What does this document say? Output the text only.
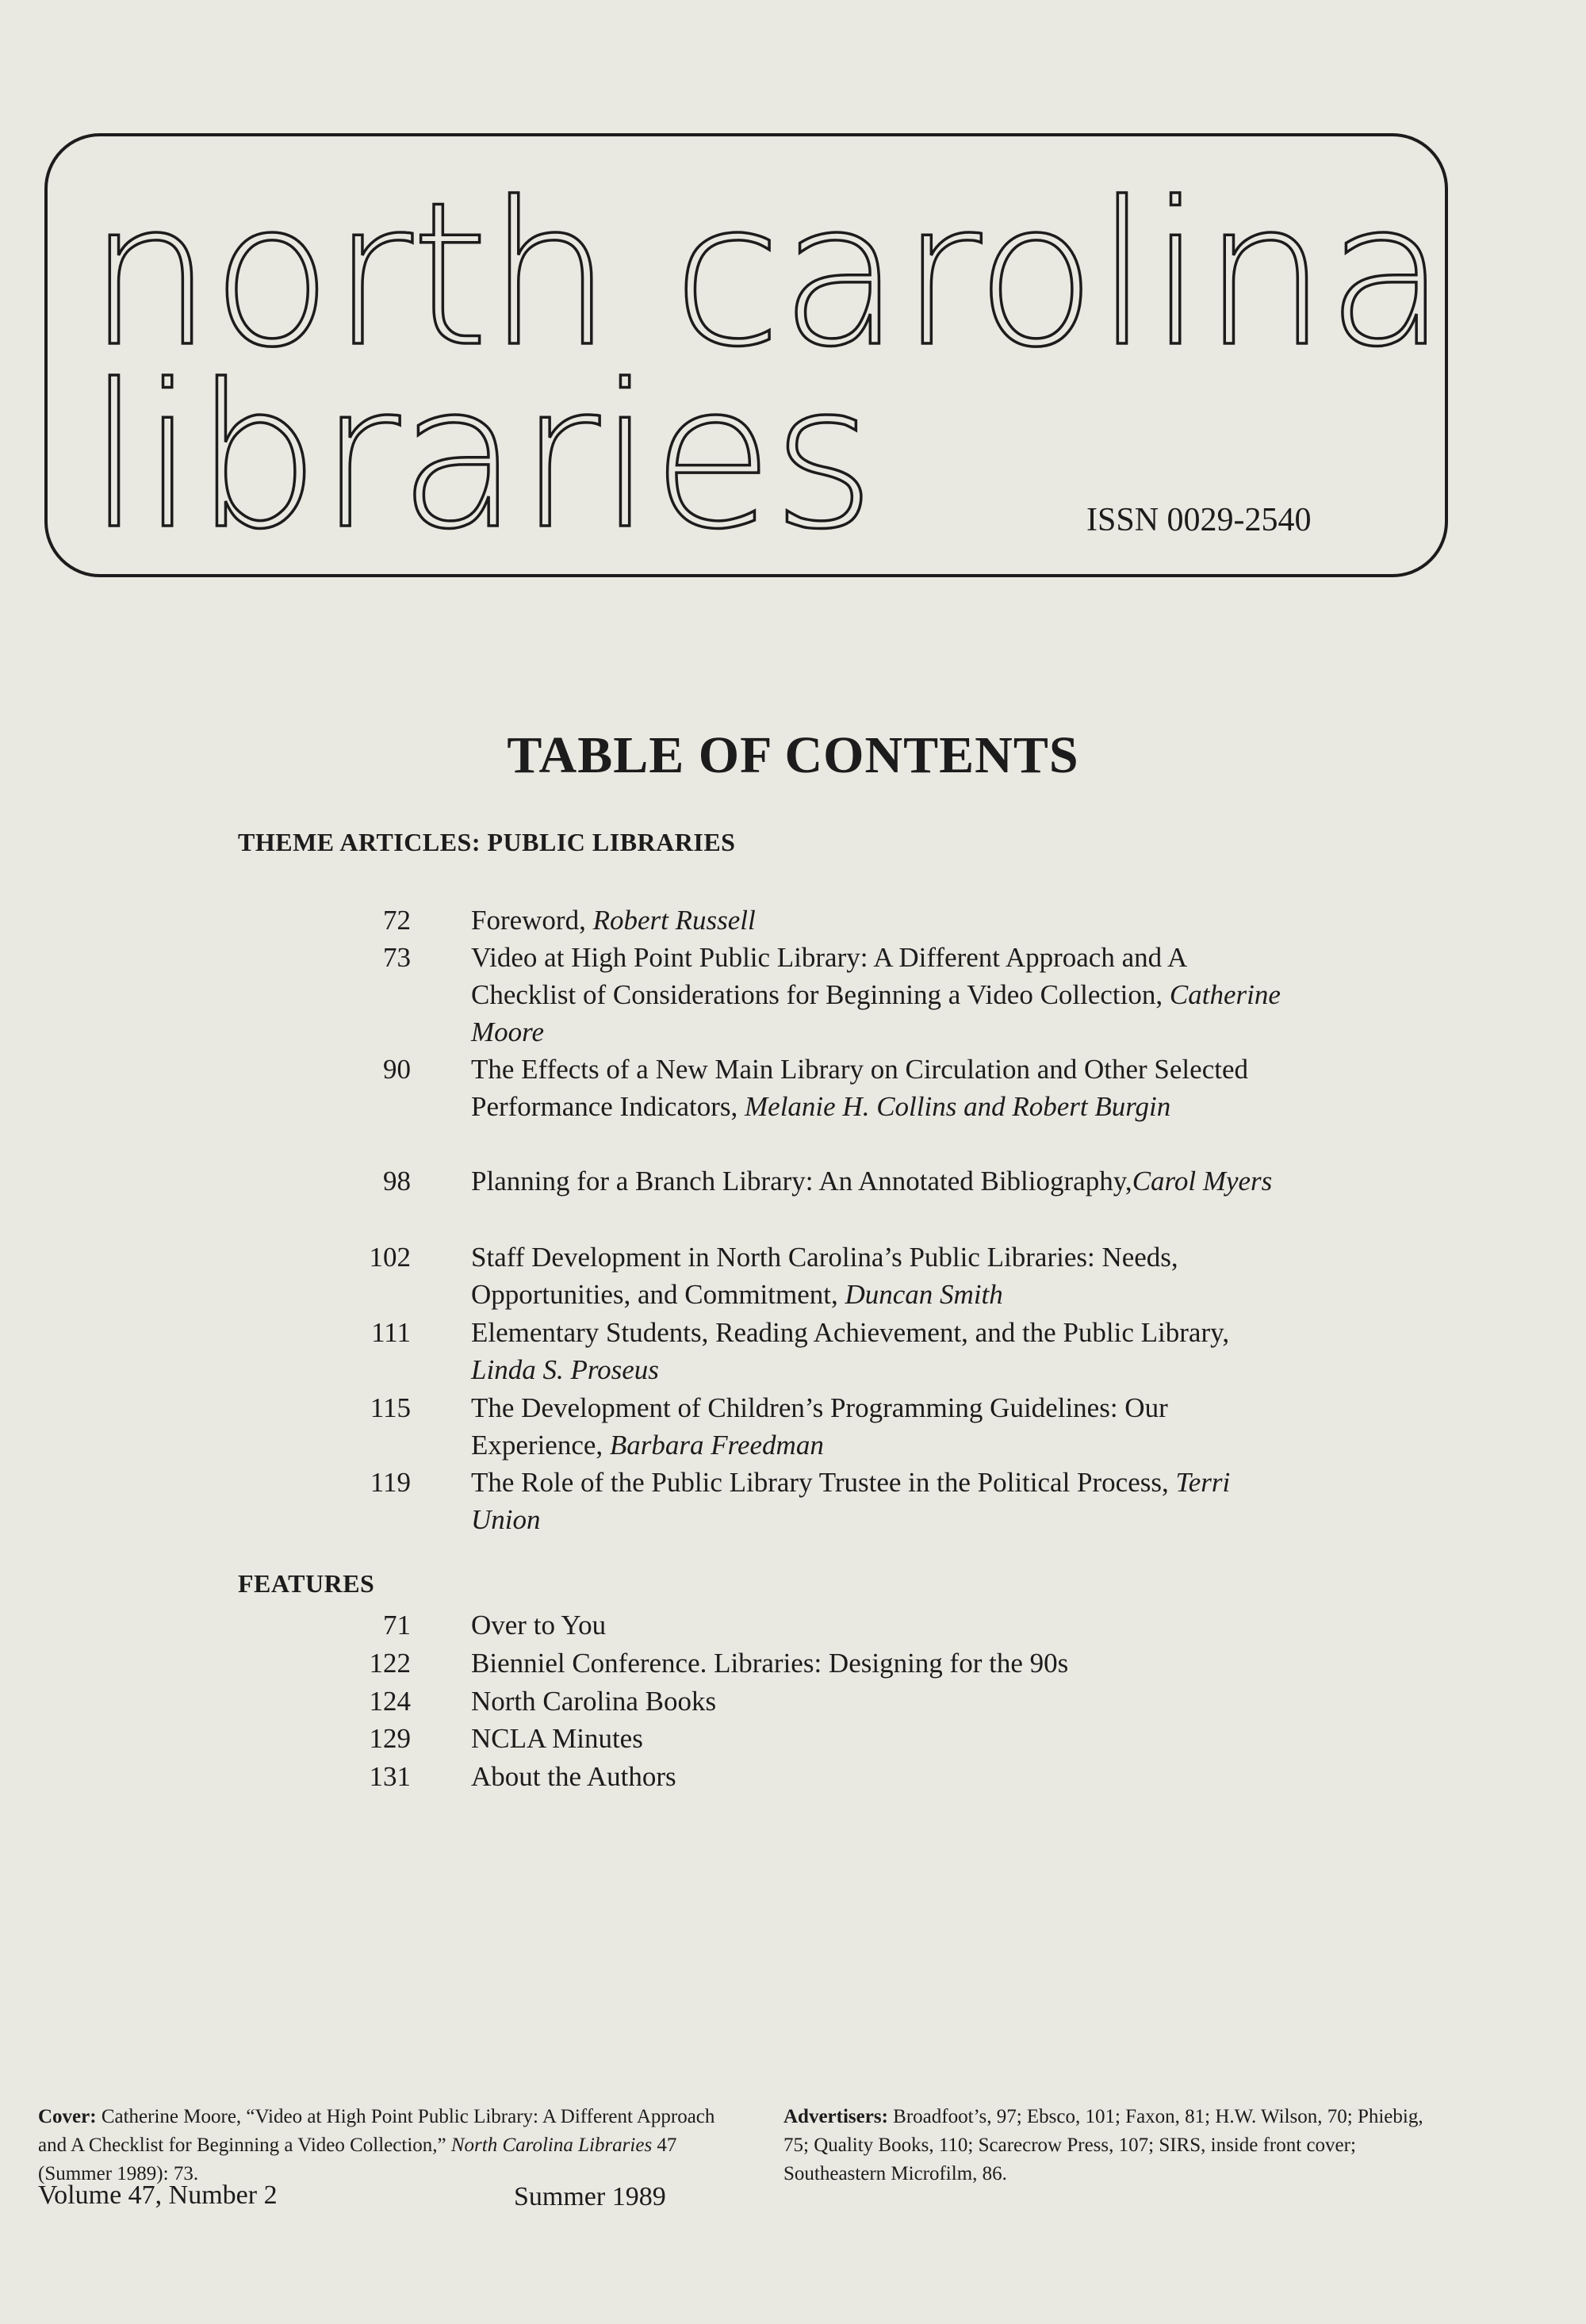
north carolina
libraries	ISSN 0029-2540
TABLE OF CONTENTS
THEME ARTICLES: PUBLIC LIBRARIES
72 Foreword, Robert Russell
73 Video at High Point Public Library: A Different Approach and A Checklist of Considerations for Beginning a Video Collection, Catherine Moore
90 The Effects of a New Main Library on Circulation and Other Selected Performance Indicators, Melanie H. Collins and Robert Burgin
98 Planning for a Branch Library: An Annotated Bibliography,Carol Myers
102 Staff Development in North Carolina’s Public Libraries: Needs, Opportunities, and Commitment, Duncan Smith
111 Elementary Students, Reading Achievement, and the Public Library, Linda S. Proseus
115 The Development of Children’s Programming Guidelines: Our Experience, Barbara Freedman
119 The Role of the Public Library Trustee in the Political Process, Terri Union
FEATURES
71 Over to You
122 Bienniel Conference. Libraries: Designing for the 90s
124 North Carolina Books
129 NCLA Minutes
131 About the Authors
Cover: Catherine Moore, “Video at High Point Public Library: A Different Approach and A Checklist for Beginning a Video Collection,” North Carolina Libraries 47 (Summer 1989): 73.
Advertisers: Broadfoot’s, 97; Ebsco, 101; Faxon, 81; H.W. Wilson, 70; Phiebig, 75; Quality Books, 110; Scarecrow Press, 107; SIRS, inside front cover; Southeastern Microfilm, 86.
Volume 47, Number 2	Summer 1989
